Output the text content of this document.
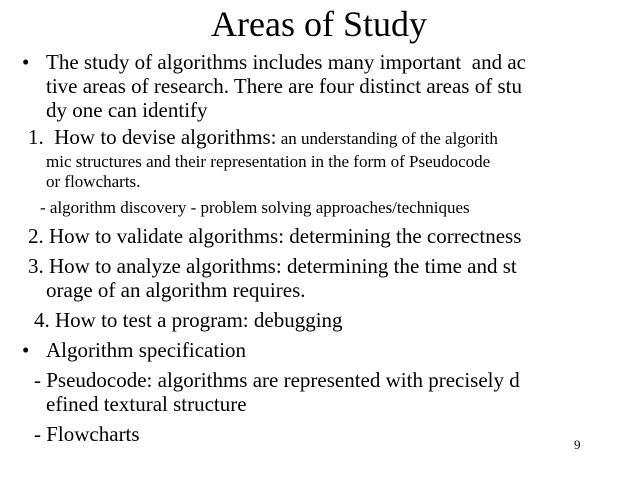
Areas of Study
• The study of algorithms includes many important  and ac
tive areas of research. There are four distinct areas of stu
dy one can identify
1.  How to devise algorithms: an understanding of the algorith
mic structures and their representation in the form of Pseudocode
or flowcharts.
- algorithm discovery - problem solving approaches/techniques
2. How to validate algorithms: determining the correctness
3. How to analyze algorithms: determining the time and st
orage of an algorithm requires.
4. How to test a program: debugging
• Algorithm specification
- Pseudocode: algorithms are represented with precisely d
efined textural structure
- Flowcharts	9
